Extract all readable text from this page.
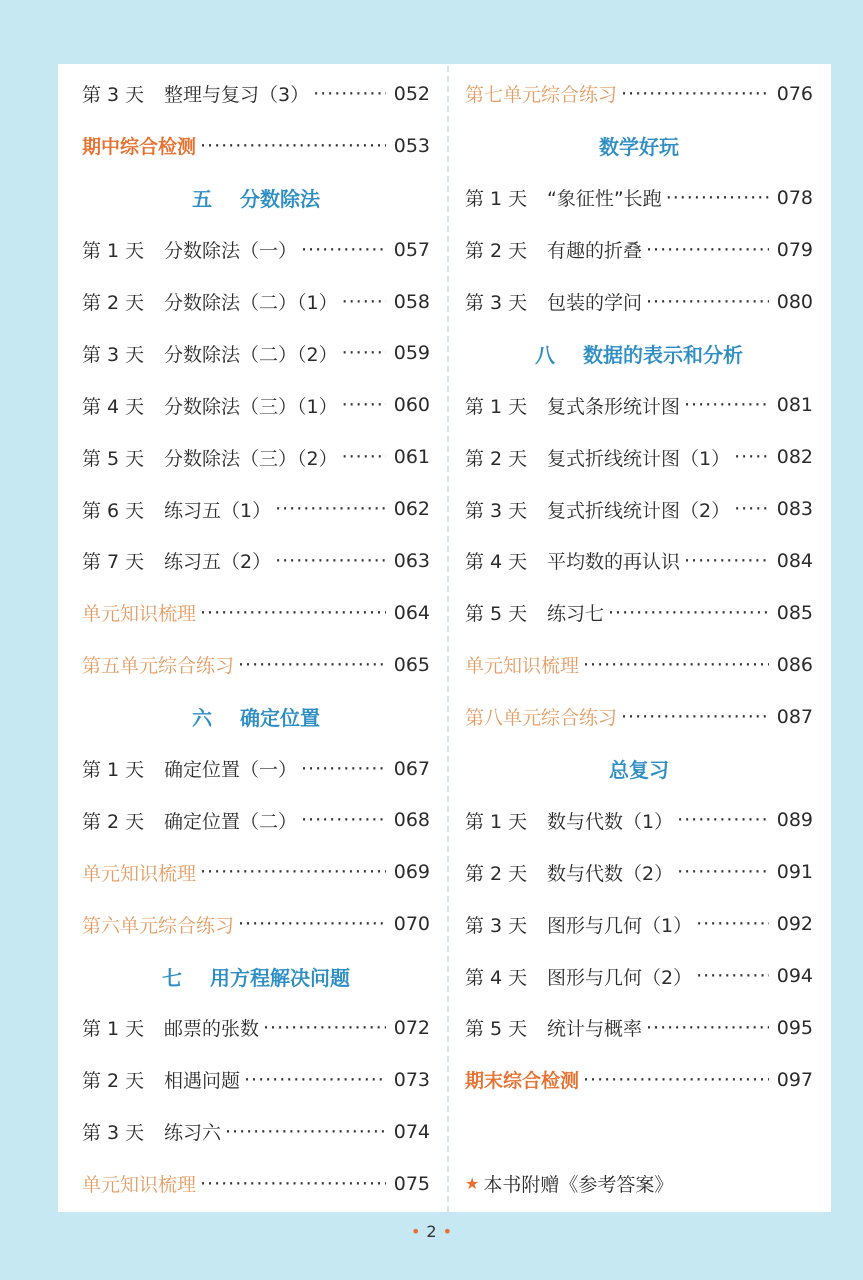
第 3 天	整理与复习（3） ·····	052
期中综合检测 ·····	053
五 分数除法
第 1 天	分数除法（一） ·····	057
第 2 天	分数除法（二）（1） ·····	058
第 3 天	分数除法（二）（2） ·····	059
第 4 天	分数除法（三）（1） ·····	060
第 5 天	分数除法（三）（2） ·····	061
第 6 天	练习五（1） ·····	062
第 7 天	练习五（2） ·····	063
单元知识梳理 ·····	064
第五单元综合练习 ·····	065
六 确定位置
第 1 天	确定位置（一） ·····	067
第 2 天	确定位置（二） ·····	068
单元知识梳理 ·····	069
第六单元综合练习 ·····	070
七 用方程解决问题
第 1 天	邮票的张数 ·····	072
第 2 天	相遇问题 ·····	073
第 3 天	练习六 ·····	074
单元知识梳理 ·····	075
第七单元综合练习 ·····	076
数学好玩
第 1 天	“象征性”长跑 ·····	078
第 2 天	有趣的折叠 ·····	079
第 3 天	包装的学问 ·····	080
八 数据的表示和分析
第 1 天	复式条形统计图 ·····	081
第 2 天	复式折线统计图（1） ····· 082
第 3 天	复式折线统计图（2） ····· 083
第 4 天	平均数的再认识 ·····	084
第 5 天	练习七 ·····	085
单元知识梳理 ·····	086
第八单元综合练习 ·····	087
总复习
第 1 天	数与代数（1） ·····	089
第 2 天	数与代数（2） ·····	091
第 3 天	图形与几何（1） ·····	092
第 4 天	图形与几何（2） ·····	094
第 5 天	统计与概率 ·····	095
期末综合检测 ·····	097
★ 本书附赠《参考答案》
• 2 •
